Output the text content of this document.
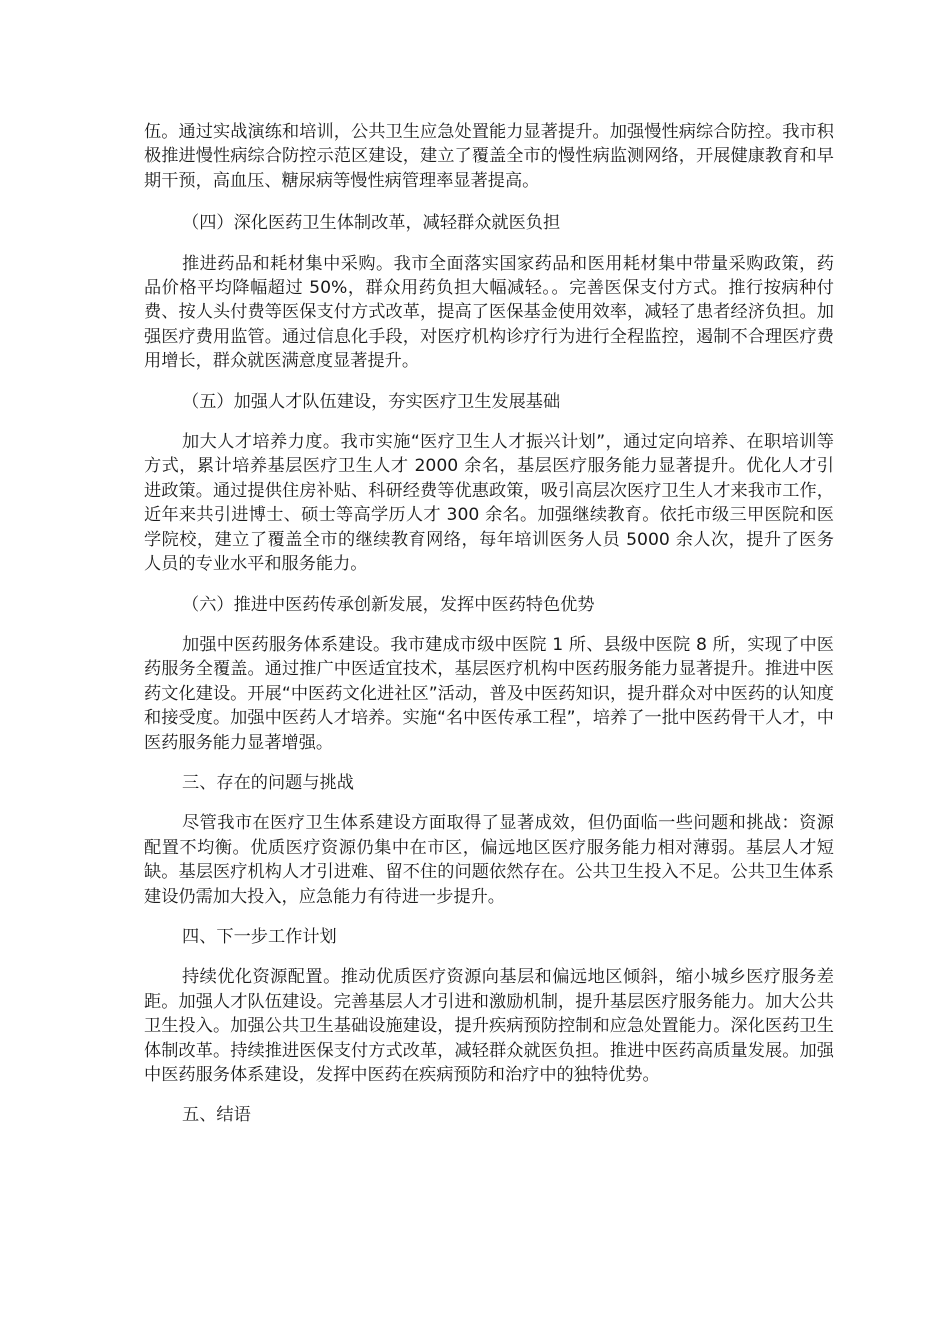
伍。通过实战演练和培训，公共卫生应急处置能力显著提升。加强慢性病综合防控。我市积极推进慢性病综合防控示范区建设，建立了覆盖全市的慢性病监测网络，开展健康教育和早期干预，高血压、糖尿病等慢性病管理率显著提高。

（四）深化医药卫生体制改革，减轻群众就医负担

推进药品和耗材集中采购。我市全面落实国家药品和医用耗材集中带量采购政策，药品价格平均降幅超过 50%，群众用药负担大幅减轻。。完善医保支付方式。推行按病种付费、按人头付费等医保支付方式改革，提高了医保基金使用效率，减轻了患者经济负担。加强医疗费用监管。通过信息化手段，对医疗机构诊疗行为进行全程监控，遏制不合理医疗费用增长，群众就医满意度显著提升。

（五）加强人才队伍建设，夯实医疗卫生发展基础

加大人才培养力度。我市实施“医疗卫生人才振兴计划”，通过定向培养、在职培训等方式，累计培养基层医疗卫生人才 2000 余名，基层医疗服务能力显著提升。优化人才引进政策。通过提供住房补贴、科研经费等优惠政策，吸引高层次医疗卫生人才来我市工作，近年来共引进博士、硕士等高学历人才 300 余名。加强继续教育。依托市级三甲医院和医学院校，建立了覆盖全市的继续教育网络，每年培训医务人员 5000 余人次，提升了医务人员的专业水平和服务能力。

（六）推进中医药传承创新发展，发挥中医药特色优势

加强中医药服务体系建设。我市建成市级中医院 1 所、县级中医院 8 所，实现了中医药服务全覆盖。通过推广中医适宜技术，基层医疗机构中医药服务能力显著提升。推进中医药文化建设。开展“中医药文化进社区”活动，普及中医药知识，提升群众对中医药的认知度和接受度。加强中医药人才培养。实施“名中医传承工程”，培养了一批中医药骨干人才，中医药服务能力显著增强。

三、存在的问题与挑战

尽管我市在医疗卫生体系建设方面取得了显著成效，但仍面临一些问题和挑战：资源配置不均衡。优质医疗资源仍集中在市区，偏远地区医疗服务能力相对薄弱。基层人才短缺。基层医疗机构人才引进难、留不住的问题依然存在。公共卫生投入不足。公共卫生体系建设仍需加大投入，应急能力有待进一步提升。

四、下一步工作计划

持续优化资源配置。推动优质医疗资源向基层和偏远地区倾斜，缩小城乡医疗服务差距。加强人才队伍建设。完善基层人才引进和激励机制，提升基层医疗服务能力。加大公共卫生投入。加强公共卫生基础设施建设，提升疾病预防控制和应急处置能力。深化医药卫生体制改革。持续推进医保支付方式改革，减轻群众就医负担。推进中医药高质量发展。加强中医药服务体系建设，发挥中医药在疾病预防和治疗中的独特优势。

五、结语
